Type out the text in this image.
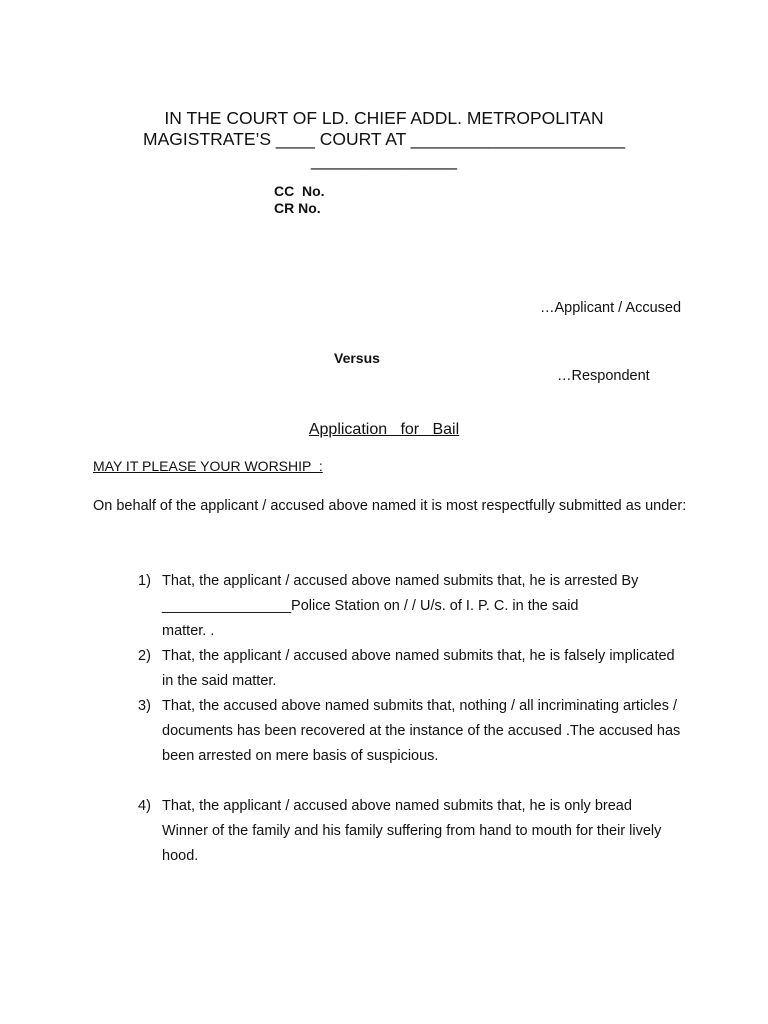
IN THE COURT OF LD. CHIEF ADDL. METROPOLITAN
MAGISTRATE’S ____ COURT AT ______________________
_______________
CC  No.
CR No.
…Applicant / Accused
Versus
…Respondent
Application   for   Bail
MAY IT PLEASE YOUR WORSHIP  :
On behalf of the applicant / accused above named it is most respectfully submitted as under:
1) That, the applicant / accused above named submits that, he is arrested By
________________Police Station on / / U/s. of I. P. C. in the said
matter. .
2) That, the applicant / accused above named submits that, he is falsely implicated
in the said matter.
3) That, the accused above named submits that, nothing / all incriminating articles /
documents has been recovered at the instance of the accused .The accused has
been arrested on mere basis of suspicious.
4) That, the applicant / accused above named submits that, he is only bread
Winner of the family and his family suffering from hand to mouth for their lively
hood.
